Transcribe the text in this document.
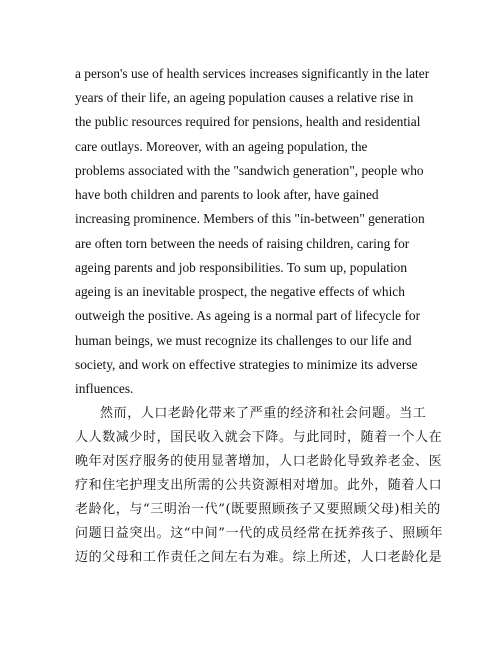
a person's use of health services increases significantly in the later
years of their life, an ageing population causes a relative rise in
the public resources required for pensions, health and residential
care outlays. Moreover, with an ageing population, the
problems associated with the "sandwich generation", people who
have both children and parents to look after, have gained
increasing prominence. Members of this "in-between" generation
are often torn between the needs of raising children, caring for
ageing parents and job responsibilities. To sum up, population
ageing is an inevitable prospect, the negative effects of which
outweigh the positive. As ageing is a normal part of lifecycle for
human beings, we must recognize its challenges to our life and
society, and work on effective strategies to minimize its adverse
influences.
然而，人口老龄化带来了严重的经济和社会问题。当工
人人数减少时，国民收入就会下降。与此同时，随着一个人在
晚年对医疗服务的使用显著增加，人口老龄化导致养老金、医
疗和住宅护理支出所需的公共资源相对增加。此外，随着人口
老龄化，与“三明治一代”(既要照顾孩子又要照顾父母)相关的
问题日益突出。这“中间”一代的成员经常在抚养孩子、照顾年
迈的父母和工作责任之间左右为难。综上所述，人口老龄化是
